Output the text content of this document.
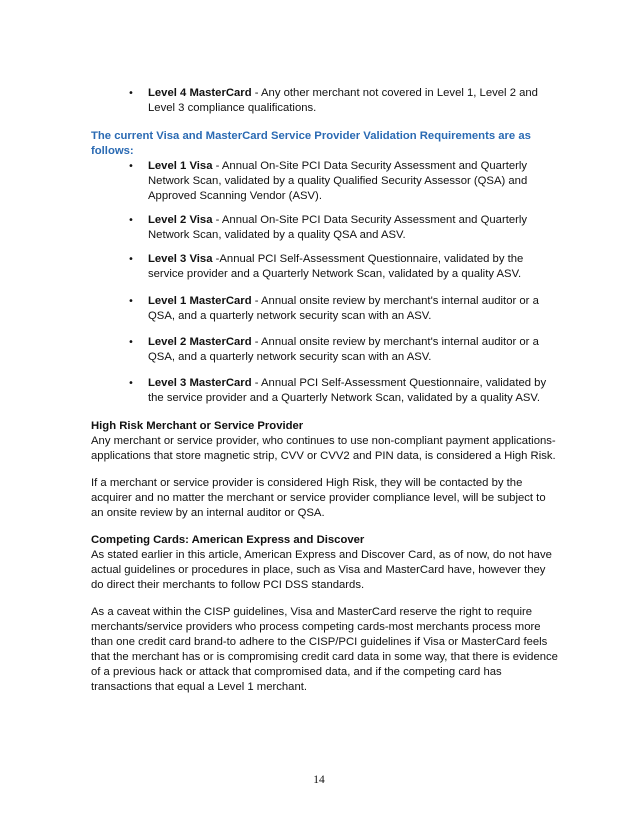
• Level 4 MasterCard - Any other merchant not covered in Level 1, Level 2 and Level 3 compliance qualifications.
The current Visa and MasterCard Service Provider Validation Requirements are as follows:
• Level 1 Visa - Annual On-Site PCI Data Security Assessment and Quarterly Network Scan, validated by a quality Qualified Security Assessor (QSA) and Approved Scanning Vendor (ASV).
• Level 2 Visa - Annual On-Site PCI Data Security Assessment and Quarterly Network Scan, validated by a quality QSA and ASV.
• Level 3 Visa -Annual PCI Self-Assessment Questionnaire, validated by the service provider and a Quarterly Network Scan, validated by a quality ASV.
• Level 1 MasterCard - Annual onsite review by merchant's internal auditor or a QSA, and a quarterly network security scan with an ASV.
• Level 2 MasterCard - Annual onsite review by merchant's internal auditor or a QSA, and a quarterly network security scan with an ASV.
• Level 3 MasterCard - Annual PCI Self-Assessment Questionnaire, validated by the service provider and a Quarterly Network Scan, validated by a quality ASV.
High Risk Merchant or Service Provider
Any merchant or service provider, who continues to use non-compliant payment applications-applications that store magnetic strip, CVV or CVV2 and PIN data, is considered a High Risk.
If a merchant or service provider is considered High Risk, they will be contacted by the acquirer and no matter the merchant or service provider compliance level, will be subject to an onsite review by an internal auditor or QSA.
Competing Cards: American Express and Discover
As stated earlier in this article, American Express and Discover Card, as of now, do not have actual guidelines or procedures in place, such as Visa and MasterCard have, however they do direct their merchants to follow PCI DSS standards.
As a caveat within the CISP guidelines, Visa and MasterCard reserve the right to require merchants/service providers who process competing cards-most merchants process more than one credit card brand-to adhere to the CISP/PCI guidelines if Visa or MasterCard feels that the merchant has or is compromising credit card data in some way, that there is evidence of a previous hack or attack that compromised data, and if the competing card has transactions that equal a Level 1 merchant.
14
